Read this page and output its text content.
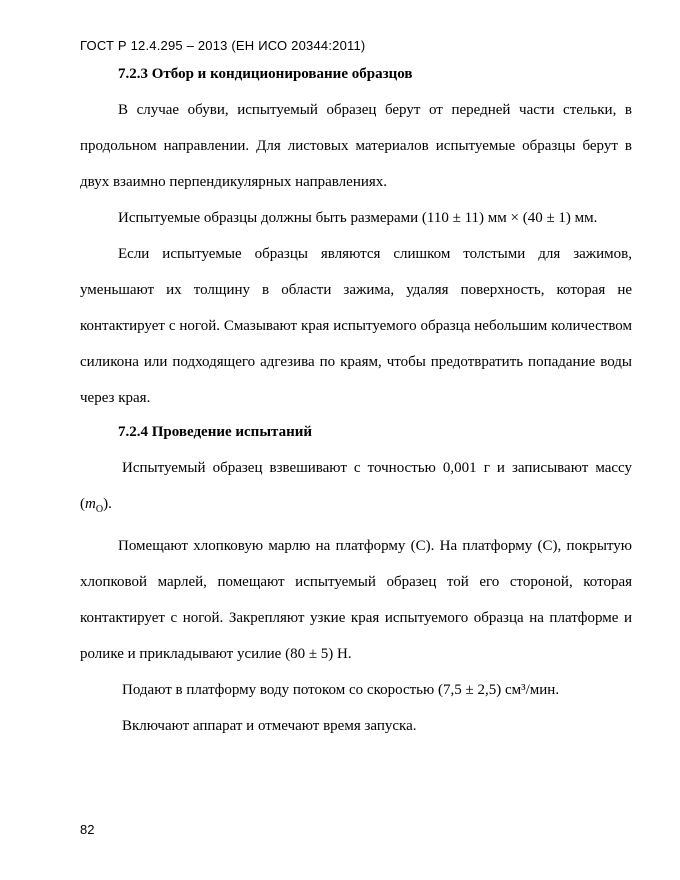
ГОСТ Р 12.4.295 – 2013 (ЕН ИСО 20344:2011)

7.2.3 Отбор и кондиционирование образцов

В случае обуви, испытуемый образец берут от передней части стельки, в продольном направлении. Для листовых материалов испытуемые образцы берут в двух взаимно перпендикулярных направлениях.

Испытуемые образцы должны быть размерами (110 ± 11) мм × (40 ± 1) мм.

Если испытуемые образцы являются слишком толстыми для зажимов, уменьшают их толщину в области зажима, удаляя поверхность, которая не контактирует с ногой. Смазывают края испытуемого образца небольшим количеством силикона или подходящего адгезива по краям, чтобы предотвратить попадание воды через края.

7.2.4 Проведение испытаний

Испытуемый образец взвешивают с точностью 0,001 г и записывают массу $(m_O)$.

Помещают хлопковую марлю на платформу (С). На платформу (С), покрытую хлопковой марлей, помещают испытуемый образец той его стороной, которая контактирует с ногой. Закрепляют узкие края испытуемого образца на платформе и ролике и прикладывают усилие (80 ± 5) Н.

Подают в платформу воду потоком со скоростью (7,5 ± 2,5) см³/мин.

Включают аппарат и отмечают время запуска.

82
